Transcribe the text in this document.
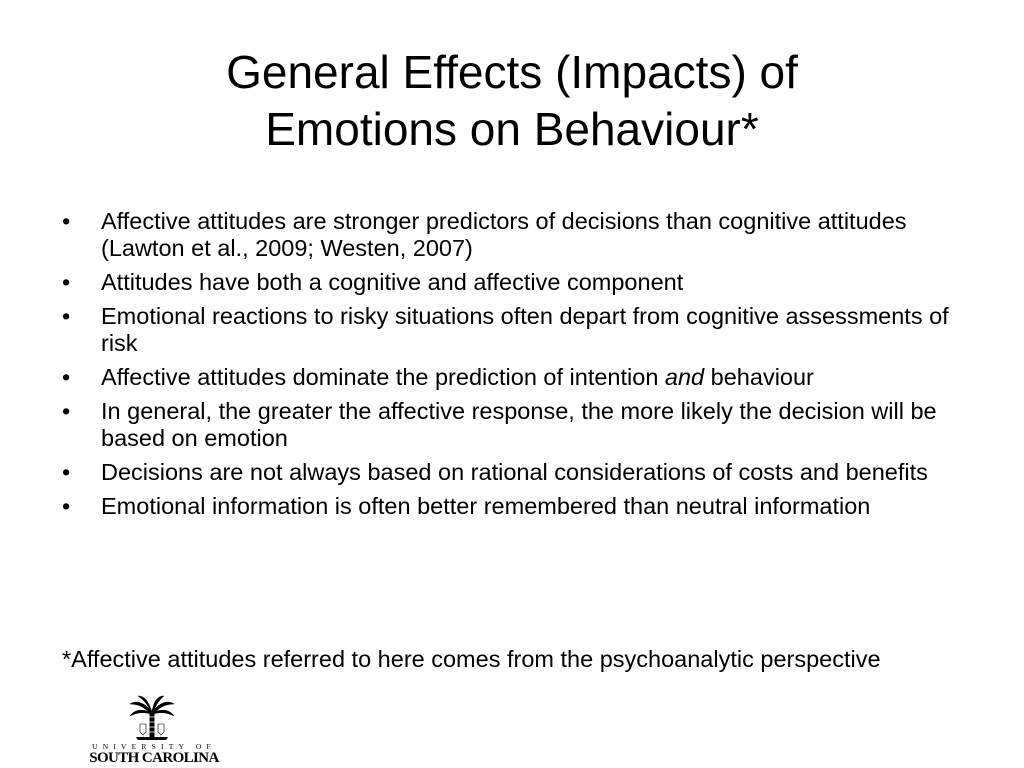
General Effects (Impacts) of
Emotions on Behaviour*
• Affective attitudes are stronger predictors of decisions than cognitive attitudes (Lawton et al., 2009; Westen, 2007)
• Attitudes have both a cognitive and affective component
• Emotional reactions to risky situations often depart from cognitive assessments of risk
• Affective attitudes dominate the prediction of intention and behaviour
• In general, the greater the affective response, the more likely the decision will be based on emotion
• Decisions are not always based on rational considerations of costs and benefits
• Emotional information is often better remembered than neutral information

*Affective attitudes referred to here comes from the psychoanalytic perspective

UNIVERSITY OF
SOUTH CAROLINA
